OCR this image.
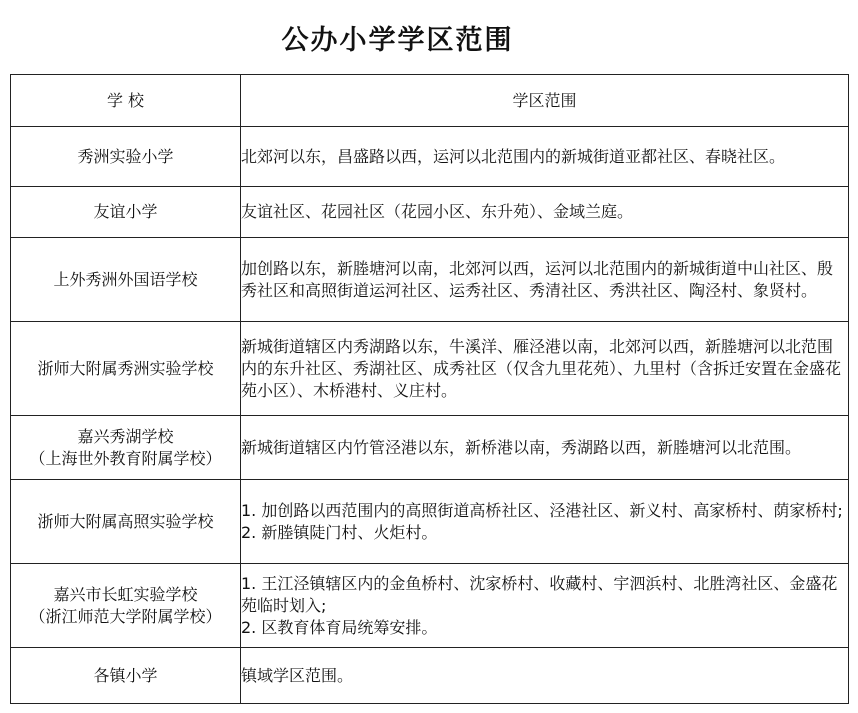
公办小学学区范围
学 校	学区范围

秀洲实验小学	北郊河以东，昌盛路以西，运河以北范围内的新城街道亚都社区、春晓社区。

友谊小学	友谊社区、花园社区（花园小区、东升苑）、金域兰庭。

上外秀洲外国语学校	加创路以东，新塍塘河以南，北郊河以西，运河以北范围内的新城街道中山社区、殷秀社区和高照街道运河社区、运秀社区、秀清社区、秀洪社区、陶泾村、象贤村。

浙师大附属秀洲实验学校	新城街道辖区内秀湖路以东，牛溪洋、雁泾港以南，北郊河以西，新塍塘河以北范围内的东升社区、秀湖社区、成秀社区（仅含九里花苑）、九里村（含拆迁安置在金盛花苑小区）、木桥港村、义庄村。

嘉兴秀湖学校
（上海世外教育附属学校）	新城街道辖区内竹管泾港以东，新桥港以南，秀湖路以西，新塍塘河以北范围。

浙师大附属高照实验学校	1. 加创路以西范围内的高照街道高桥社区、泾港社区、新义村、高家桥村、荫家桥村;
2. 新塍镇陡门村、火炬村。

嘉兴市长虹实验学校
（浙江师范大学附属学校）	1. 王江泾镇辖区内的金鱼桥村、沈家桥村、收藏村、宇泗浜村、北胜湾社区、金盛花苑临时划入;
2. 区教育体育局统筹安排。

各镇小学	镇域学区范围。
